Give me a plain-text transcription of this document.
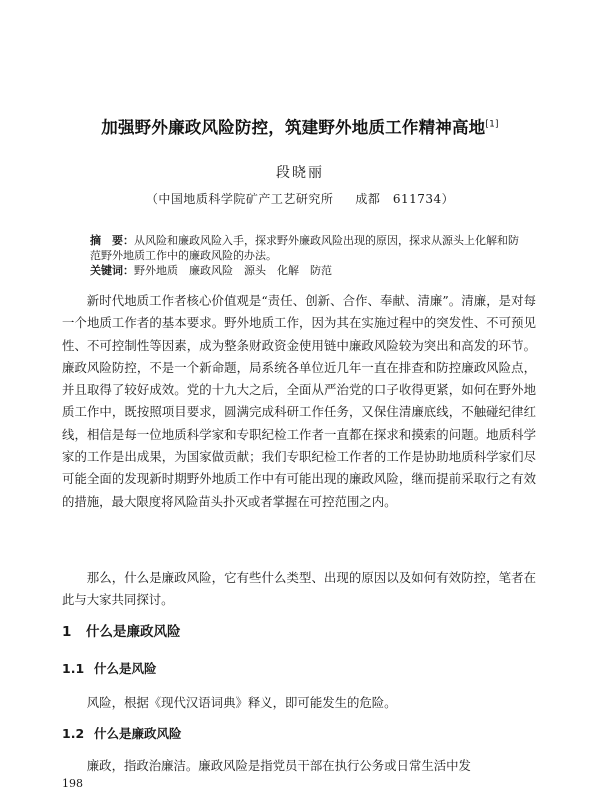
加强野外廉政风险防控，筑建野外地质工作精神高地[1]
段晓丽
（中国地质科学院矿产工艺研究所 成都　611734）

摘　要：从风险和廉政风险入手，探求野外廉政风险出现的原因，探求从源头上化解和防范野外地质工作中的廉政风险的办法。

关键词：野外地质　廉政风险　源头　化解　防范

新时代地质工作者核心价值观是“责任、创新、合作、奉献、清廉”。清廉，是对每一个地质工作者的基本要求。野外地质工作，因为其在实施过程中的突发性、不可预见性、不可控制性等因素，成为整条财政资金使用链中廉政风险较为突出和高发的环节。廉政风险防控，不是一个新命题，局系统各单位近几年一直在排查和防控廉政风险点，并且取得了较好成效。党的十九大之后，全面从严治党的口子收得更紧，如何在野外地质工作中，既按照项目要求，圆满完成科研工作任务，又保住清廉底线，不触碰纪律红线，相信是每一位地质科学家和专职纪检工作者一直都在探求和摸索的问题。地质科学家的工作是出成果，为国家做贡献；我们专职纪检工作者的工作是协助地质科学家们尽可能全面的发现新时期野外地质工作中有可能出现的廉政风险，继而提前采取行之有效的措施，最大限度将风险苗头扑灭或者掌握在可控范围之内。

那么，什么是廉政风险，它有些什么类型、出现的原因以及如何有效防控，笔者在此与大家共同探讨。

1 什么是廉政风险
1.1 什么是风险
风险，根据《现代汉语词典》释义，即可能发生的危险。
1.2 什么是廉政风险
廉政，指政治廉洁。廉政风险是指党员干部在执行公务或日常生活中发
198
